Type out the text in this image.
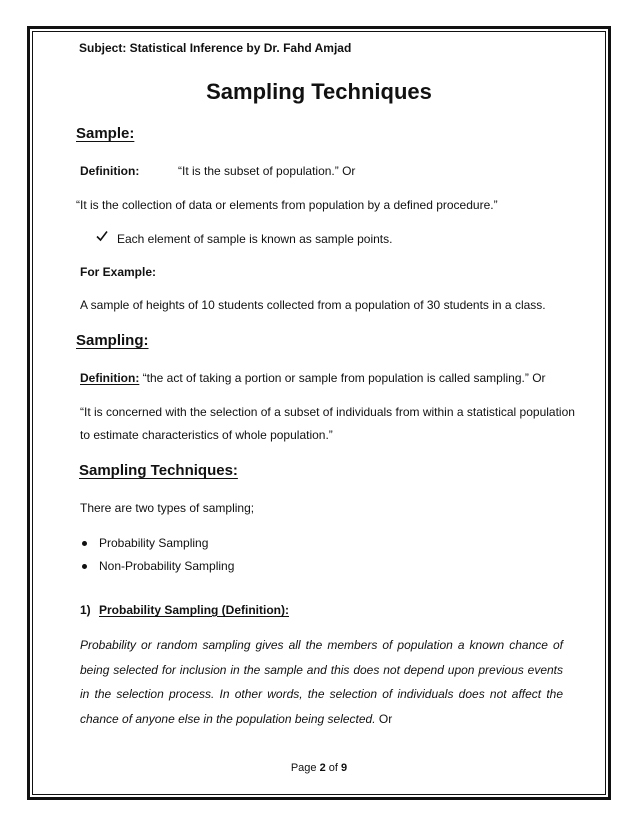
Subject: Statistical Inference by Dr. Fahd Amjad
Sampling Techniques
Sample:
Definition:	“It is the subset of population.” Or
“It is the collection of data or elements from population by a defined procedure.”
Each element of sample is known as sample points.
For Example:
A sample of heights of 10 students collected from a population of 30 students in a class.
Sampling:
Definition: “the act of taking a portion or sample from population is called sampling.” Or
“It is concerned with the selection of a subset of individuals from within a statistical population
to estimate characteristics of whole population.”
Sampling Techniques:
There are two types of sampling;
Probability Sampling
Non-Probability Sampling
1) Probability Sampling (Definition):

Probability or random sampling gives all the members of population a known chance of being selected for inclusion in the sample and this does not depend upon previous events in the selection process. In other words, the selection of individuals does not affect the chance of anyone else in the population being selected. Or

Page 2 of 9
